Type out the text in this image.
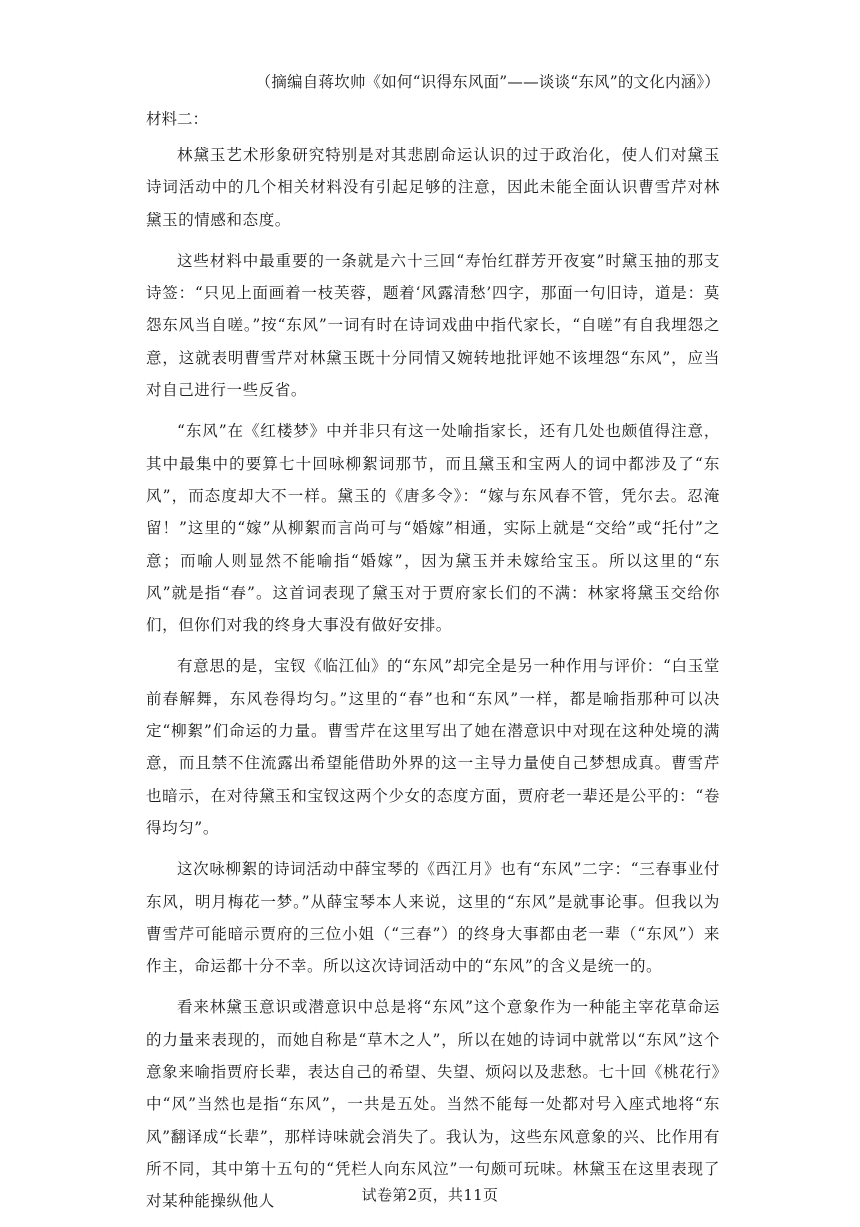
（摘编自蒋坎帅《如何“识得东风面”——谈谈“东风”的文化内涵》）
材料二：

林黛玉艺术形象研究特别是对其悲剧命运认识的过于政治化，使人们对黛玉诗词活动中的几个相关材料没有引起足够的注意，因此未能全面认识曹雪芹对林黛玉的情感和态度。

这些材料中最重要的一条就是六十三回“寿怡红群芳开夜宴”时黛玉抽的那支诗签：“只见上面画着一枝芙蓉，题着‘风露清愁’四字，那面一句旧诗，道是：莫怨东风当自嗟。”按“东风”一词有时在诗词戏曲中指代家长，“自嗟”有自我埋怨之意，这就表明曹雪芹对林黛玉既十分同情又婉转地批评她不该埋怨“东风”，应当对自己进行一些反省。

“东风”在《红楼梦》中并非只有这一处喻指家长，还有几处也颇值得注意，其中最集中的要算七十回咏柳絮词那节，而且黛玉和宝两人的词中都涉及了“东风”，而态度却大不一样。黛玉的《唐多令》：“嫁与东风春不管，凭尔去。忍淹留！”这里的“嫁”从柳絮而言尚可与“婚嫁”相通，实际上就是“交给”或“托付”之意；而喻人则显然不能喻指“婚嫁”，因为黛玉并未嫁给宝玉。所以这里的“东风”就是指“春”。这首词表现了黛玉对于贾府家长们的不满：林家将黛玉交给你们，但你们对我的终身大事没有做好安排。

有意思的是，宝钗《临江仙》的“东风”却完全是另一种作用与评价：“白玉堂前春解舞，东风卷得均匀。”这里的“春”也和“东风”一样，都是喻指那种可以决定“柳絮”们命运的力量。曹雪芹在这里写出了她在潜意识中对现在这种处境的满意，而且禁不住流露出希望能借助外界的这一主导力量使自己梦想成真。曹雪芹也暗示，在对待黛玉和宝钗这两个少女的态度方面，贾府老一辈还是公平的：“卷得均匀”。

这次咏柳絮的诗词活动中薛宝琴的《西江月》也有“东风”二字：“三春事业付东风，明月梅花一梦。”从薛宝琴本人来说，这里的“东风”是就事论事。但我以为曹雪芹可能暗示贾府的三位小姐（“三春”）的终身大事都由老一辈（“东风”）来作主，命运都十分不幸。所以这次诗词活动中的“东风”的含义是统一的。

看来林黛玉意识或潜意识中总是将“东风”这个意象作为一种能主宰花草命运的力量来表现的，而她自称是“草木之人”，所以在她的诗词中就常以“东风”这个意象来喻指贾府长辈，表达自己的希望、失望、烦闷以及悲愁。七十回《桃花行》中“风”当然也是指“东风”，一共是五处。当然不能每一处都对号入座式地将“东风”翻译成“长辈”，那样诗味就会消失了。我认为，这些东风意象的兴、比作用有所不同，其中第十五句的“凭栏人向东风泣”一句颇可玩味。林黛玉在这里表现了对某种能操纵他人	试卷第2页，共11页
